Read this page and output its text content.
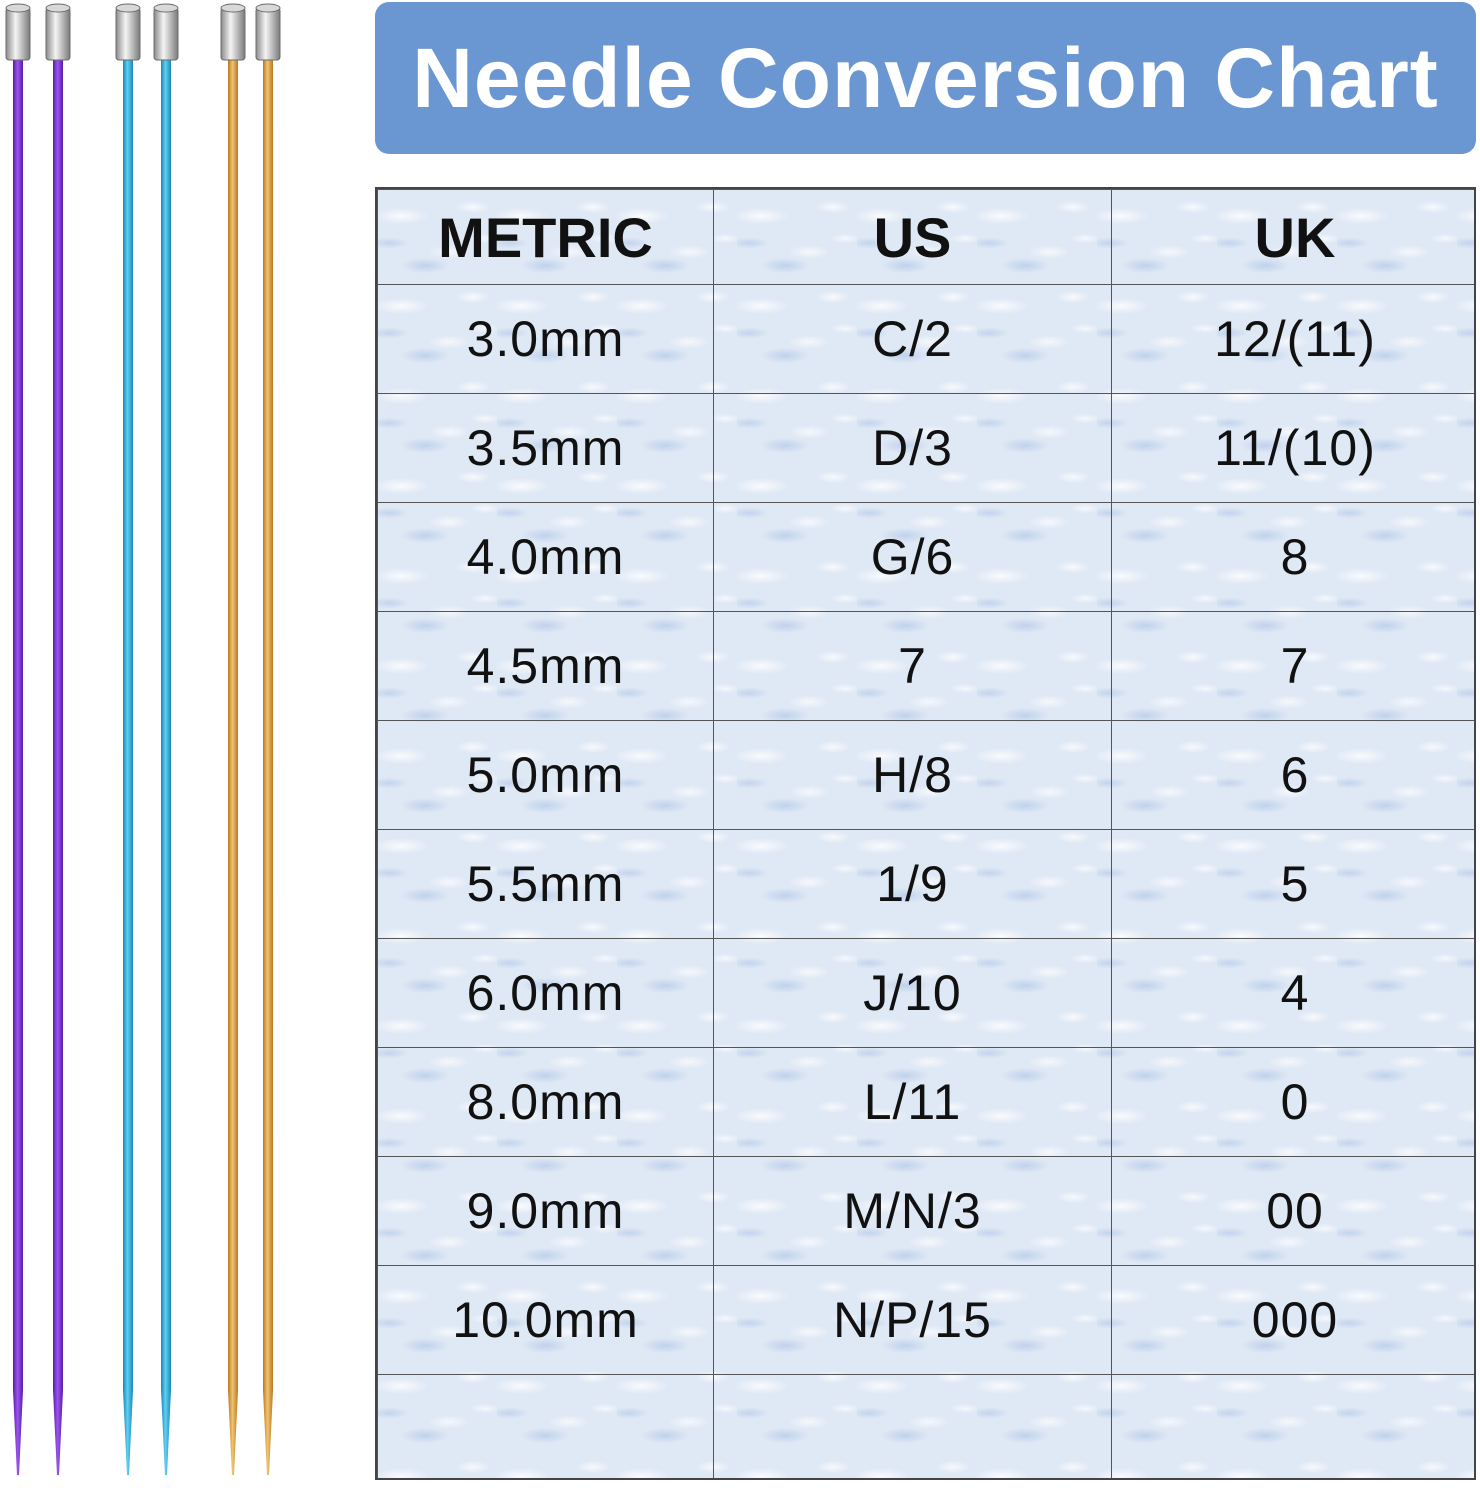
Needle Conversion Chart
METRIC	US	UK
3.0mm	C/2	12/(11)
3.5mm	D/3	11/(10)
4.0mm	G/6	8
4.5mm	7	7
5.0mm	H/8	6
5.5mm	1/9	5
6.0mm	J/10	4
8.0mm	L/11	0
9.0mm	M/N/3	00
10.0mm	N/P/15	000
